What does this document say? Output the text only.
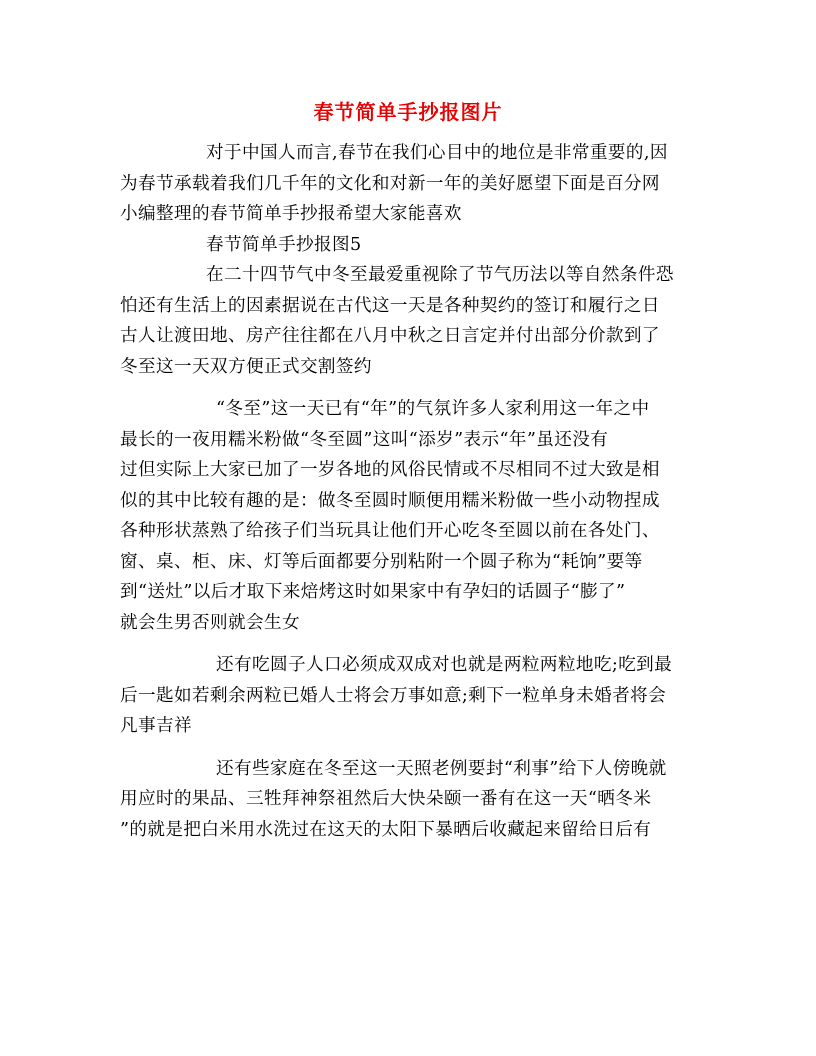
春节简单手抄报图片
对于中国人而言,春节在我们心目中的地位是非常重要的,因
为春节承载着我们几千年的文化和对新一年的美好愿望下面是百分网
小编整理的春节简单手抄报希望大家能喜欢
春节简单手抄报图5
在二十四节气中冬至最爱重视除了节气历法以等自然条件恐
怕还有生活上的因素据说在古代这一天是各种契约的签订和履行之日
古人让渡田地、房产往往都在八月中秋之日言定并付出部分价款到了
冬至这一天双方便正式交割签约
“冬至”这一天已有“年”的气氛许多人家利用这一年之中
最长的一夜用糯米粉做“冬至圆”这叫“添岁”表示“年”虽还没有
过但实际上大家已加了一岁各地的风俗民情或不尽相同不过大致是相
似的其中比较有趣的是：做冬至圆时顺便用糯米粉做一些小动物捏成
各种形状蒸熟了给孩子们当玩具让他们开心吃冬至圆以前在各处门、
窗、桌、柜、床、灯等后面都要分别粘附一个圆子称为“耗饷”要等
到“送灶”以后才取下来焙烤这时如果家中有孕妇的话圆子“膨了”
就会生男否则就会生女
还有吃圆子人口必须成双成对也就是两粒两粒地吃;吃到最
后一匙如若剩余两粒已婚人士将会万事如意;剩下一粒单身未婚者将会
凡事吉祥
还有些家庭在冬至这一天照老例要封“利事”给下人傍晚就
用应时的果品、三牲拜神祭祖然后大快朵颐一番有在这一天“晒冬米
”的就是把白米用水洗过在这天的太阳下暴晒后收藏起来留给日后有
